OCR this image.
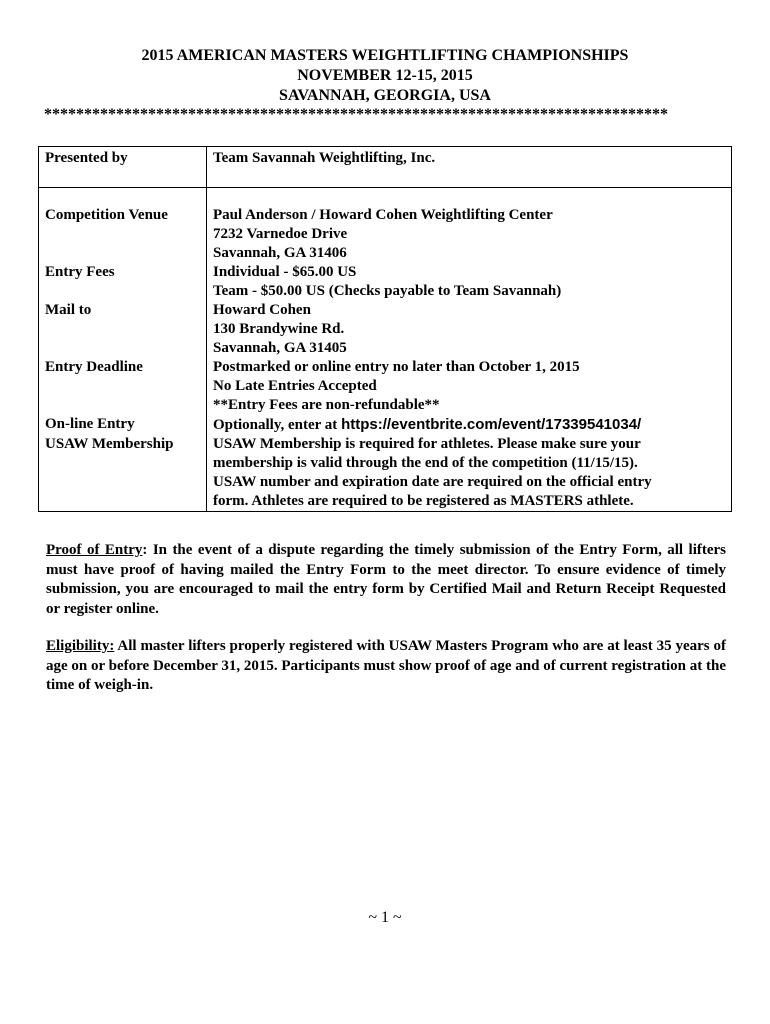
2015 AMERICAN MASTERS WEIGHTLIFTING CHAMPIONSHIPS
NOVEMBER 12-15, 2015
SAVANNAH, GEORGIA, USA
******************************************************************************
Presented by	Team Savannah Weightlifting, Inc.

Competition Venue	Paul Anderson / Howard Cohen Weightlifting Center
7232 Varnedoe Drive
Savannah, GA 31406

Entry Fees	Individual - $65.00 US
Team - $50.00 US (Checks payable to Team Savannah)

Mail to	Howard Cohen
130 Brandywine Rd.
Savannah, GA 31405

Entry Deadline	Postmarked or online entry no later than October 1, 2015
No Late Entries Accepted
**Entry Fees are non-refundable**

On-line Entry	Optionally, enter at https://eventbrite.com/event/17339541034/

USAW Membership	USAW Membership is required for athletes. Please make sure your
membership is valid through the end of the competition (11/15/15).
USAW number and expiration date are required on the official entry
form. Athletes are required to be registered as MASTERS athlete.
Proof of Entry: In the event of a dispute regarding the timely submission of the Entry Form, all lifters must have proof of having mailed the Entry Form to the meet director. To ensure evidence of timely submission, you are encouraged to mail the entry form by Certified Mail and Return Receipt Requested or register online.
Eligibility: All master lifters properly registered with USAW Masters Program who are at least 35 years of age on or before December 31, 2015. Participants must show proof of age and of current registration at the time of weigh-in.
~ 1 ~
